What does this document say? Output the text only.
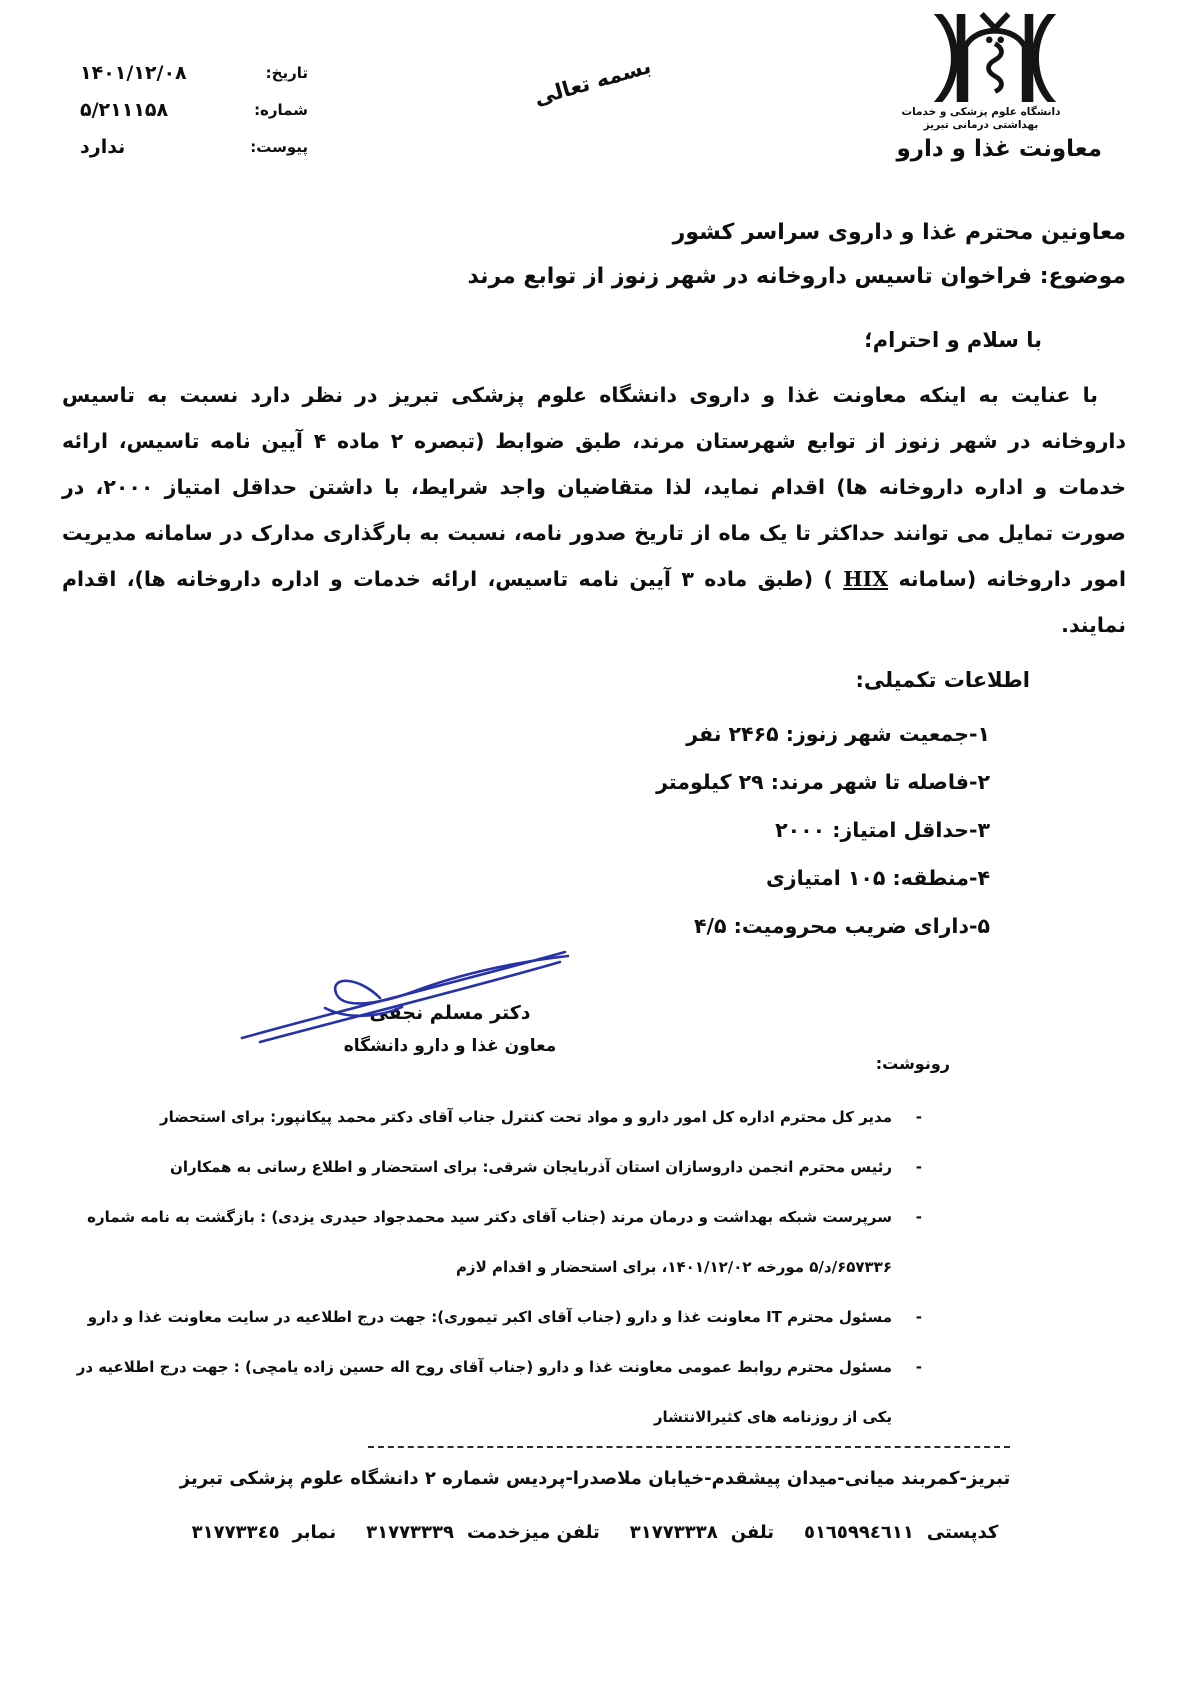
تاریخ:
۱۴۰۱/۱۲/۰۸
شماره:
۵/۲۱۱۱۵۸
پیوست:
ندارد
بسمه تعالی
دانشگاه علوم پزشکی و خدمات بهداشتی درمانی تبریز
معاونت غذا و دارو
معاونین محترم غذا و داروی سراسر کشور
موضوع: فراخوان تاسیس داروخانه در شهر زنوز از توابع مرند
با سلام و احترام؛
با عنایت به اینکه معاونت غذا و داروی دانشگاه علوم پزشکی تبریز در نظر دارد نسبت به تاسیس داروخانه در شهر زنوز از توابع شهرستان مرند، طبق ضوابط (تبصره ۲ ماده ۴ آیین نامه تاسیس، ارائه خدمات و اداره داروخانه ها) اقدام نماید، لذا متقاضیان واجد شرایط، با داشتن حداقل امتیاز ۲۰۰۰، در صورت تمایل می توانند حداکثر تا یک ماه از تاریخ صدور نامه، نسبت به بارگذاری مدارک در سامانه مدیریت امور داروخانه (سامانه HIX ) (طبق ماده ۳ آیین نامه تاسیس، ارائه خدمات و اداره داروخانه ها)، اقدام نمایند.
اطلاعات تکمیلی:
۱-جمعیت شهر زنوز: ۲۴۶۵ نفر
۲-فاصله تا شهر مرند: ۲۹ کیلومتر
۳-حداقل امتیاز: ۲۰۰۰
۴-منطقه: ۱۰۵ امتیازی
۵-دارای ضریب محرومیت: ۴/۵
دکتر مسلم نجفی
معاون غذا و دارو دانشگاه
رونوشت:
-
مدیر کل محترم اداره کل امور دارو و مواد تحت کنترل جناب آقای دکتر محمد پیکانپور: برای استحضار
-
رئیس محترم انجمن داروسازان استان آذربایجان شرقی: برای استحضار و اطلاع رسانی به همکاران
-
سرپرست شبکه بهداشت و درمان مرند (جناب آقای دکتر سید محمدجواد حیدری یزدی) : بازگشت به نامه شماره ۶۵۷۳۳۶/د/۵ مورخه ۱۴۰۱/۱۲/۰۲، برای استحضار و اقدام لازم
-
مسئول محترم IT معاونت غذا و دارو (جناب آقای اکبر تیموری): جهت درج اطلاعیه در سایت معاونت غذا و دارو
-
مسئول محترم روابط عمومی معاونت غذا و دارو (جناب آقای روح اله حسین زاده یامچی) : جهت درج اطلاعیه در یکی از روزنامه های کثیرالانتشار
تبریز-کمربند میانی-میدان پیشقدم-خیابان ملاصدرا-پردیس شماره ۲ دانشگاه علوم پزشکی تبریز
کدپستی
٥١٦٥٩٩٤٦١١
تلفن
٣١٧٧٣٣٣٨
تلفن میزخدمت
٣١٧٧٣٣٣٩
نمابر
٣١٧٧٣٣٤٥
